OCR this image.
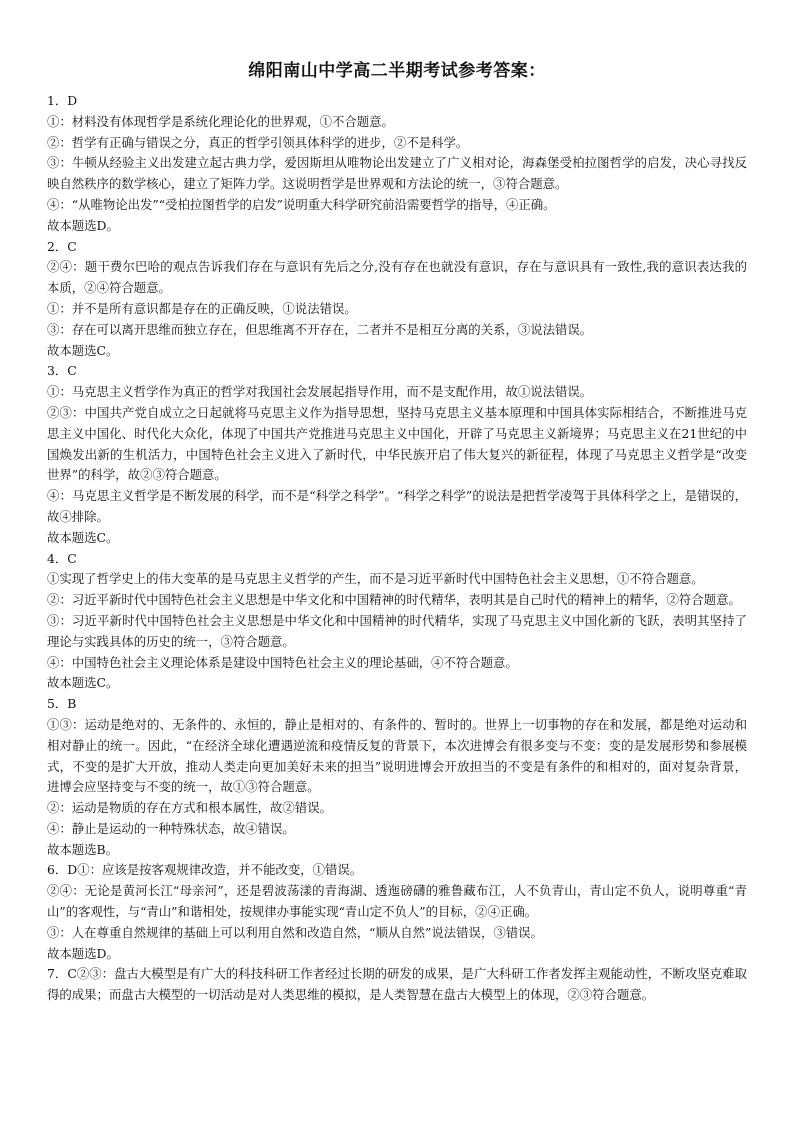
绵阳南山中学高二半期考试参考答案：

1．D

①：材料没有体现哲学是系统化理论化的世界观，①不合题意。

②：哲学有正确与错误之分，真正的哲学引领具体科学的进步，②不是科学。

③：牛顿从经验主义出发建立起古典力学，爱因斯坦从唯物论出发建立了广义相对论，海森堡受柏拉图哲学的启发，决心寻找反映自然秩序的数学核心，建立了矩阵力学。这说明哲学是世界观和方法论的统一，③符合题意。

④：“从唯物论出发”“受柏拉图哲学的启发”说明重大科学研究前沿需要哲学的指导，④正确。

故本题选D。

2．C

②④：题干费尔巴哈的观点告诉我们存在与意识有先后之分,没有存在也就没有意识，存在与意识具有一致性,我的意识表达我的本质，②④符合题意。

①：并不是所有意识都是存在的正确反映，①说法错误。

③：存在可以离开思维而独立存在，但思维离不开存在，二者并不是相互分离的关系，③说法错误。

故本题选C。

3．C

①：马克思主义哲学作为真正的哲学对我国社会发展起指导作用，而不是支配作用，故①说法错误。

②③：中国共产党自成立之日起就将马克思主义作为指导思想，坚持马克思主义基本原理和中国具体实际相结合，不断推进马克思主义中国化、时代化大众化，体现了中国共产党推进马克思主义中国化，开辟了马克思主义新境界；马克思主义在21世纪的中国焕发出新的生机活力，中国特色社会主义进入了新时代，中华民族开启了伟大复兴的新征程，体现了马克思主义哲学是“改变世界”的科学，故②③符合题意。

④：马克思主义哲学是不断发展的科学，而不是“科学之科学”。“科学之科学”的说法是把哲学凌驾于具体科学之上，是错误的，故④排除。

故本题选C。

4．C

①实现了哲学史上的伟大变革的是马克思主义哲学的产生，而不是习近平新时代中国特色社会主义思想，①不符合题意。

②：习近平新时代中国特色社会主义思想是中华文化和中国精神的时代精华，表明其是自己时代的精神上的精华，②符合题意。

③：习近平新时代中国特色社会主义思想是中华文化和中国精神的时代精华，实现了马克思主义中国化新的飞跃，表明其坚持了理论与实践具体的历史的统一，③符合题意。

④：中国特色社会主义理论体系是建设中国特色社会主义的理论基础，④不符合题意。

故本题选C。

5．B

①③：运动是绝对的、无条件的、永恒的，静止是相对的、有条件的、暂时的。世界上一切事物的存在和发展，都是绝对运动和相对静止的统一。因此，“在经济全球化遭遇逆流和疫情反复的背景下，本次进博会有很多变与不变：变的是发展形势和参展模式，不变的是扩大开放，推动人类走向更加美好未来的担当”说明进博会开放担当的不变是有条件的和相对的，面对复杂背景，进博会应坚持变与不变的统一，故①③符合题意。

②：运动是物质的存在方式和根本属性，故②错误。

④：静止是运动的一种特殊状态，故④错误。

故本题选B。

6．D①：应该是按客观规律改造，并不能改变，①错误。

②④：无论是黄河长江“母亲河”，还是碧波荡漾的青海湖、透迤磅礴的雅鲁藏布江，人不负青山，青山定不负人，说明尊重“青山”的客观性，与“青山”和谐相处，按规律办事能实现“青山定不负人”的目标，②④正确。

③：人在尊重自然规律的基础上可以利用自然和改造自然，“顺从自然”说法错误，③错误。

故本题选D。

7．C②③：盘古大模型是有广大的科技科研工作者经过长期的研发的成果，是广大科研工作者发挥主观能动性，不断攻坚克难取得的成果；而盘古大模型的一切活动是对人类思维的模拟，是人类智慧在盘古大模型上的体现，②③符合题意。
